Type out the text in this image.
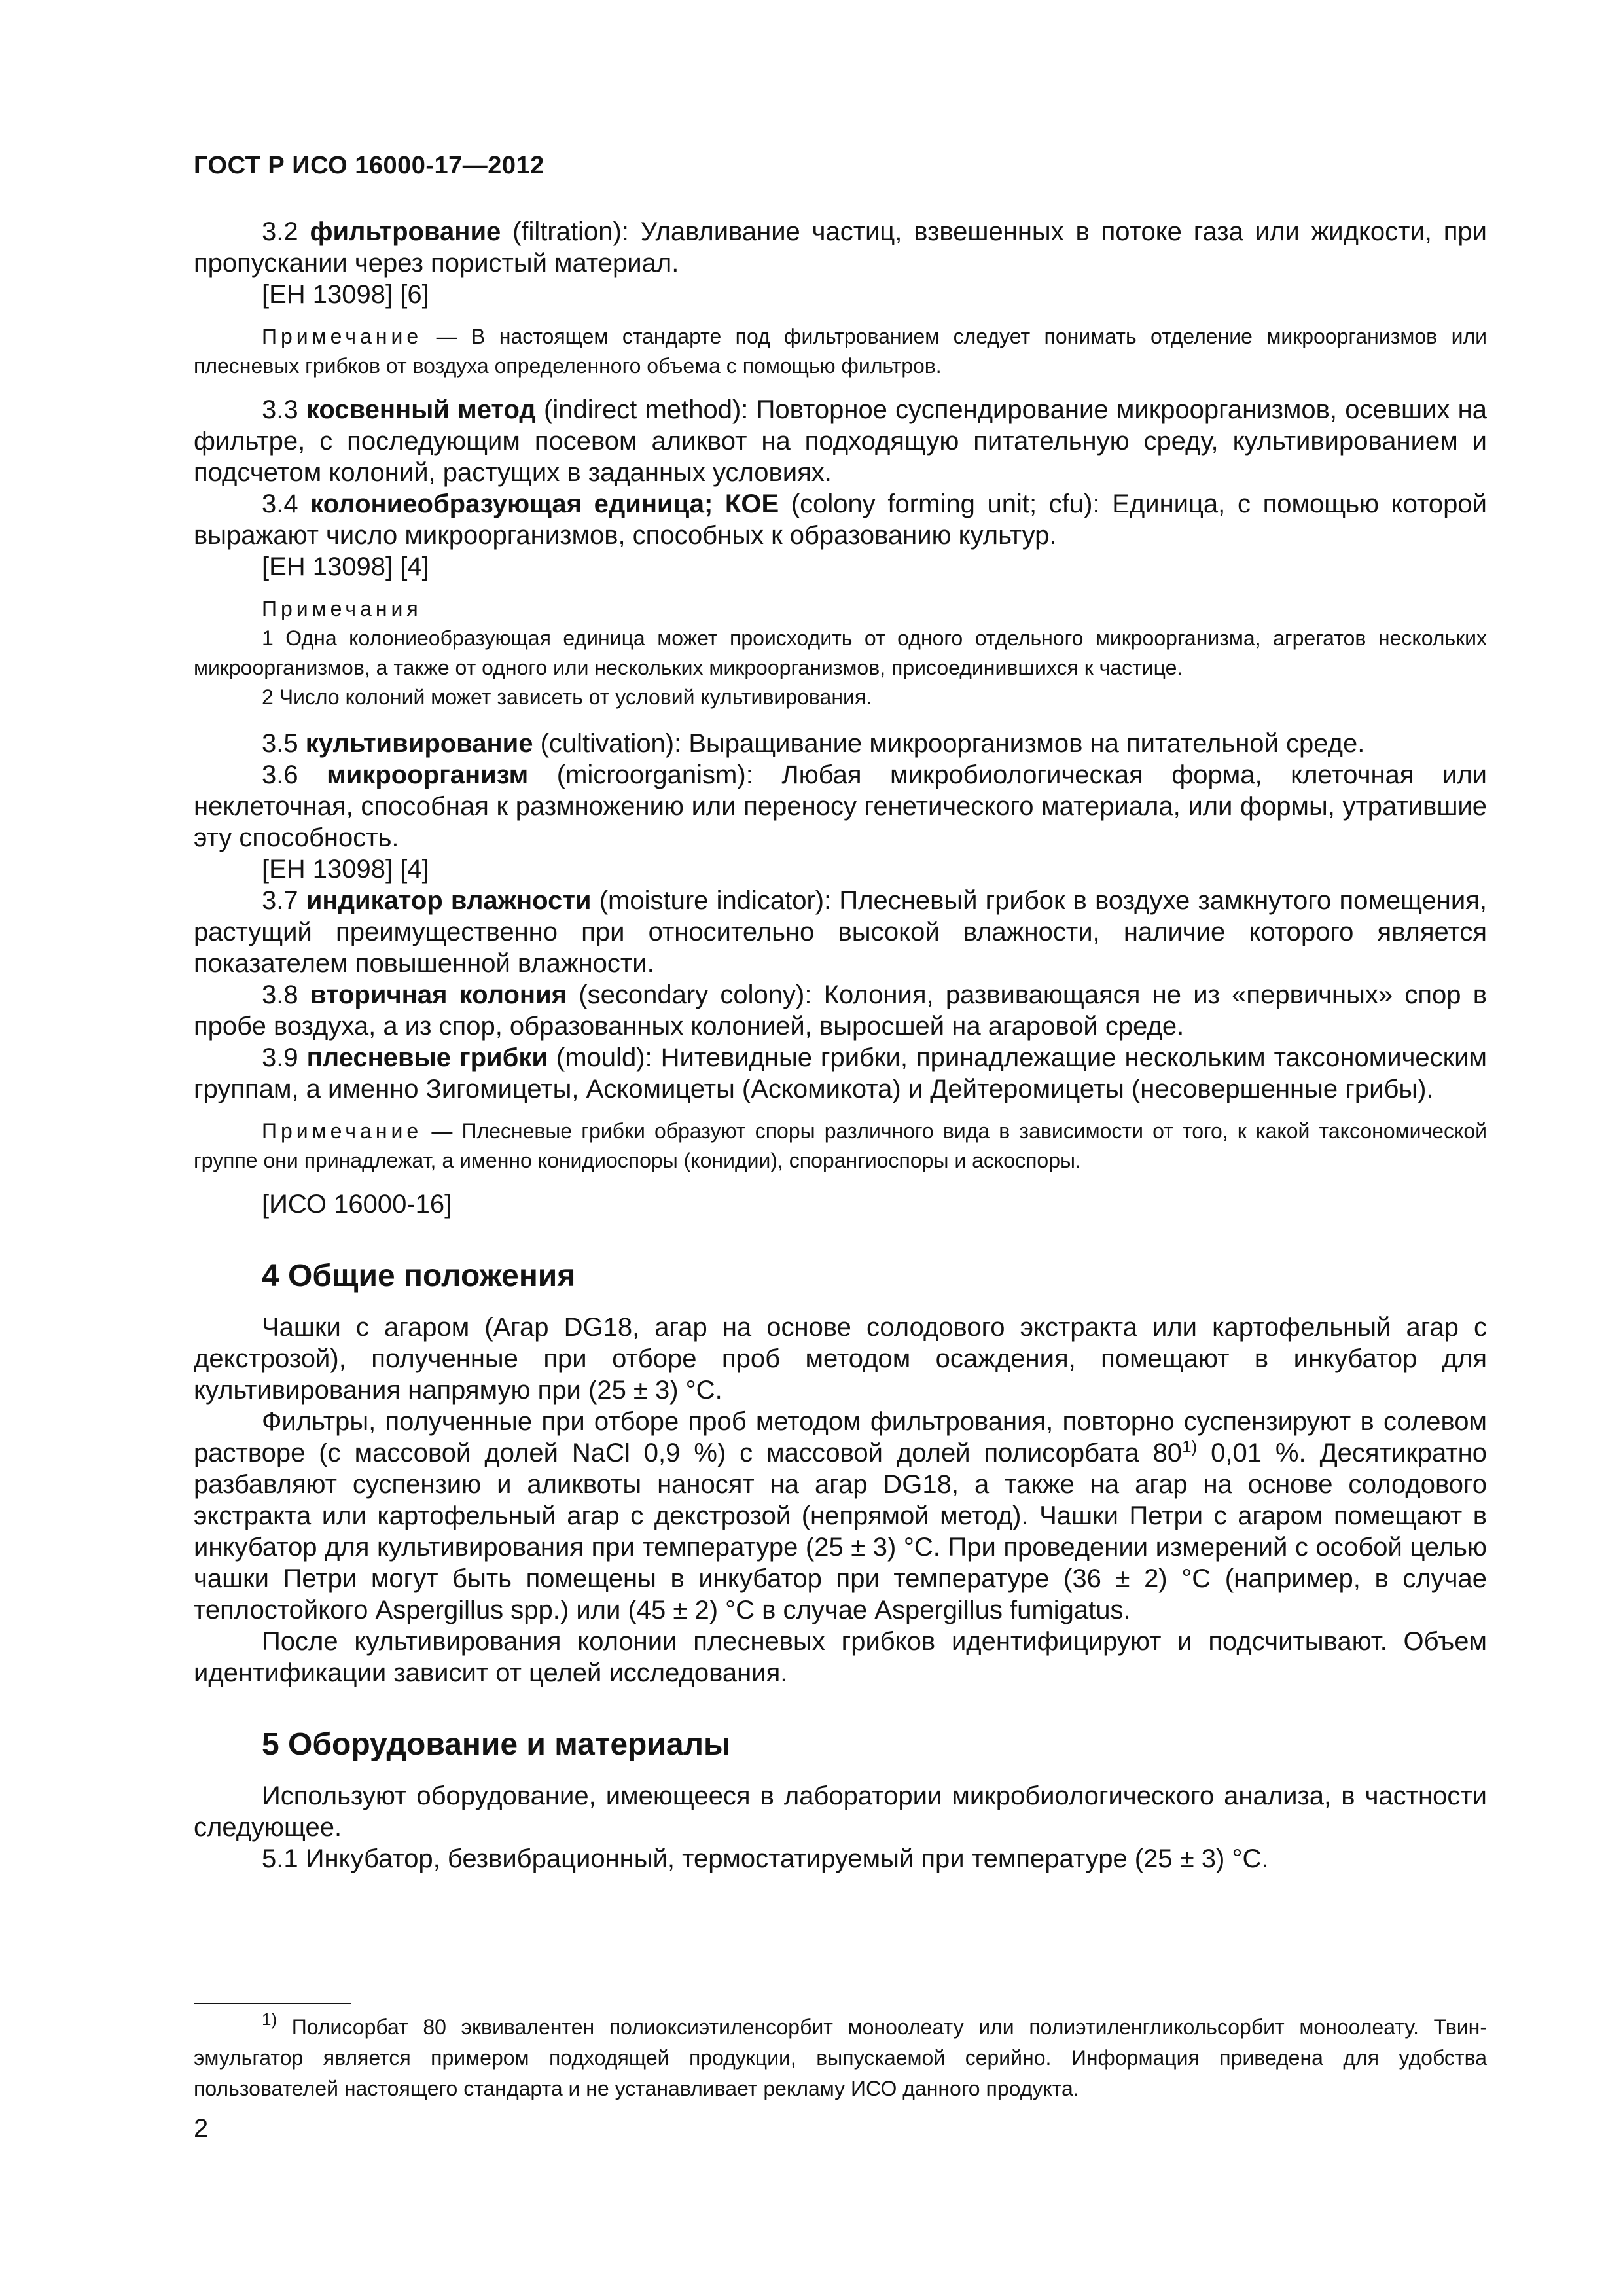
ГОСТ Р ИСО 16000-17—2012

3.2 фильтрование (filtration): Улавливание частиц, взвешенных в потоке газа или жидкости, при пропускании через пористый материал.

[EH 13098] [6]

Примечание — В настоящем стандарте под фильтрованием следует понимать отделение микроорганизмов или плесневых грибков от воздуха определенного объема с помощью фильтров.

3.3 косвенный метод (indirect method): Повторное суспендирование микроорганизмов, осевших на фильтре, с последующим посевом аликвот на подходящую питательную среду, культивированием и подсчетом колоний, растущих в заданных условиях.

3.4 колониеобразующая единица; КОЕ (colony forming unit; cfu): Единица, с помощью которой выражают число микроорганизмов, способных к образованию культур.

[EH 13098] [4]

Примечания

1 Одна колониеобразующая единица может происходить от одного отдельного микроорганизма, агрегатов нескольких микроорганизмов, а также от одного или нескольких микроорганизмов, присоединившихся к частице.

2 Число колоний может зависеть от условий культивирования.

3.5 культивирование (cultivation): Выращивание микроорганизмов на питательной среде.

3.6 микроорганизм (microorganism): Любая микробиологическая форма, клеточная или неклеточная, способная к размножению или переносу генетического материала, или формы, утратившие эту способность.

[EH 13098] [4]

3.7 индикатор влажности (moisture indicator): Плесневый грибок в воздухе замкнутого помещения, растущий преимущественно при относительно высокой влажности, наличие которого является показателем повышенной влажности.

3.8 вторичная колония (secondary colony): Колония, развивающаяся не из «первичных» спор в пробе воздуха, а из спор, образованных колонией, выросшей на агаровой среде.

3.9 плесневые грибки (mould): Нитевидные грибки, принадлежащие нескольким таксономическим группам, а именно Зигомицеты, Аскомицеты (Аскомикота) и Дейтеромицеты (несовершенные грибы).

Примечание — Плесневые грибки образуют споры различного вида в зависимости от того, к какой таксономической группе они принадлежат, а именно конидиоспоры (конидии), спорангиоспоры и аскоспоры.

[ИСО 16000-16]

4 Общие положения

Чашки с агаром (Агар DG18, агар на основе солодового экстракта или картофельный агар с декстрозой), полученные при отборе проб методом осаждения, помещают в инкубатор для культивирования напрямую при (25 ± 3) °С.

Фильтры, полученные при отборе проб методом фильтрования, повторно суспензируют в солевом растворе (с массовой долей NaCl 0,9 %) с массовой долей полисорбата 80$^{1)}$ 0,01 %. Десятикратно разбавляют суспензию и аликвоты наносят на агар DG18, а также на агар на основе солодового экстракта или картофельный агар с декстрозой (непрямой метод). Чашки Петри с агаром помещают в инкубатор для культивирования при температуре (25 ± 3) °С. При проведении измерений с особой целью чашки Петри могут быть помещены в инкубатор при температуре (36 ± 2) °С (например, в случае теплостойкого Aspergillus spp.) или (45 ± 2) °С в случае Aspergillus fumigatus.

После культивирования колонии плесневых грибков идентифицируют и подсчитывают. Объем идентификации зависит от целей исследования.

5 Оборудование и материалы

Используют оборудование, имеющееся в лаборатории микробиологического анализа, в частности следующее.

5.1 Инкубатор, безвибрационный, термостатируемый при температуре (25 ± 3) °С.

$^{1)}$ Полисорбат 80 эквивалентен полиоксиэтиленсорбит моноолеату или полиэтиленгликольсорбит моноолеату. Твин-эмульгатор является примером подходящей продукции, выпускаемой серийно. Информация приведена для удобства пользователей настоящего стандарта и не устанавливает рекламу ИСО данного продукта.

2
